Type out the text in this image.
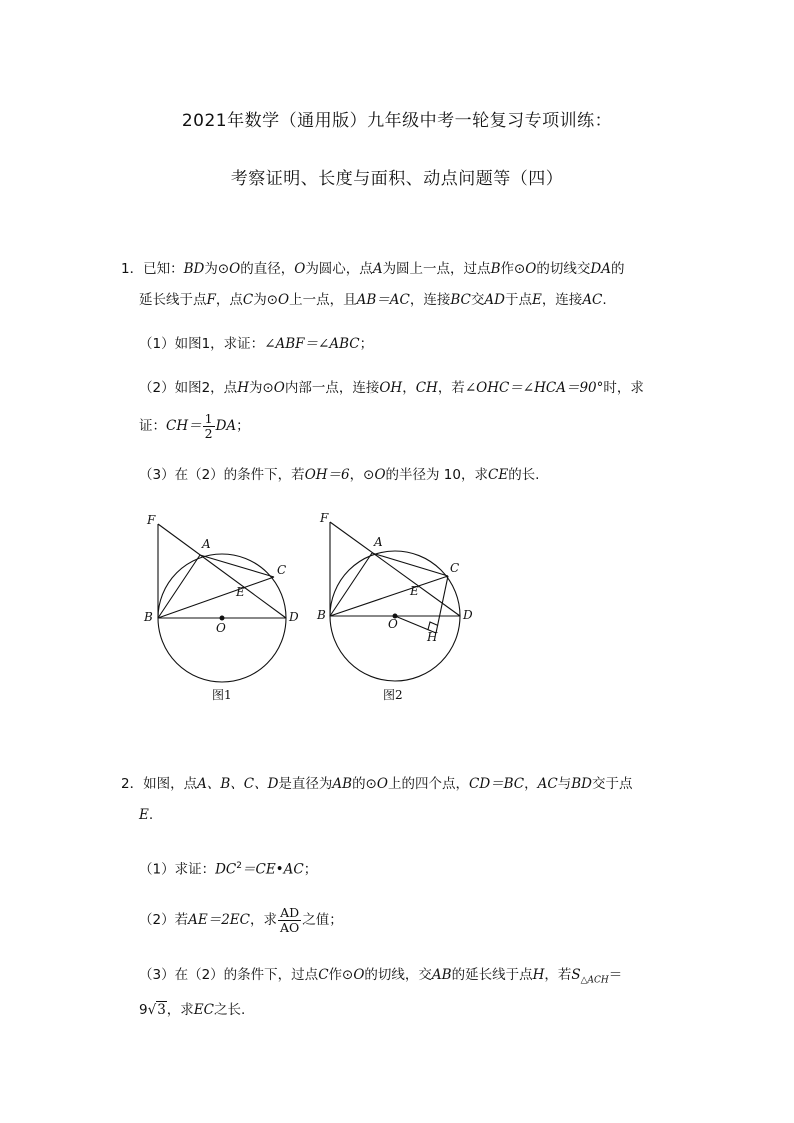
2021年数学（通用版）九年级中考一轮复习专项训练：
考察证明、长度与面积、动点问题等（四）
1．已知：BD为⊙O的直径，O为圆心，点A为圆上一点，过点B作⊙O的切线交DA的
延长线于点F，点C为⊙O上一点，且AB＝AC，连接BC交AD于点E，连接AC.
（1）如图1，求证：∠ABF＝∠ABC；
（2）如图2，点H为⊙O内部一点，连接OH，CH，若∠OHC＝∠HCA＝90°时，求
证：$CH= \frac{1}{2}$ DA；
（3）在（2）的条件下，若OH＝6，⊙O的半径为 10，求CE的长.
F
A
C
E
B
O
D
图1
F
A
C
E
B
O
D
H
图2
2．如图，点A、B、C、D是直径为AB的⊙O上的四个点，CD＝BC，AC与BD交于点
E.
（1）求证：$DC^2=CE•AC$；
（2）若AE＝2EC，求 $\frac{AD}{AO}$ 之值；
（3）在（2）的条件下，过点C作⊙O的切线，交AB的延长线于点H，若$S_{\triangle ACH}=$
9√3，求EC之长.
